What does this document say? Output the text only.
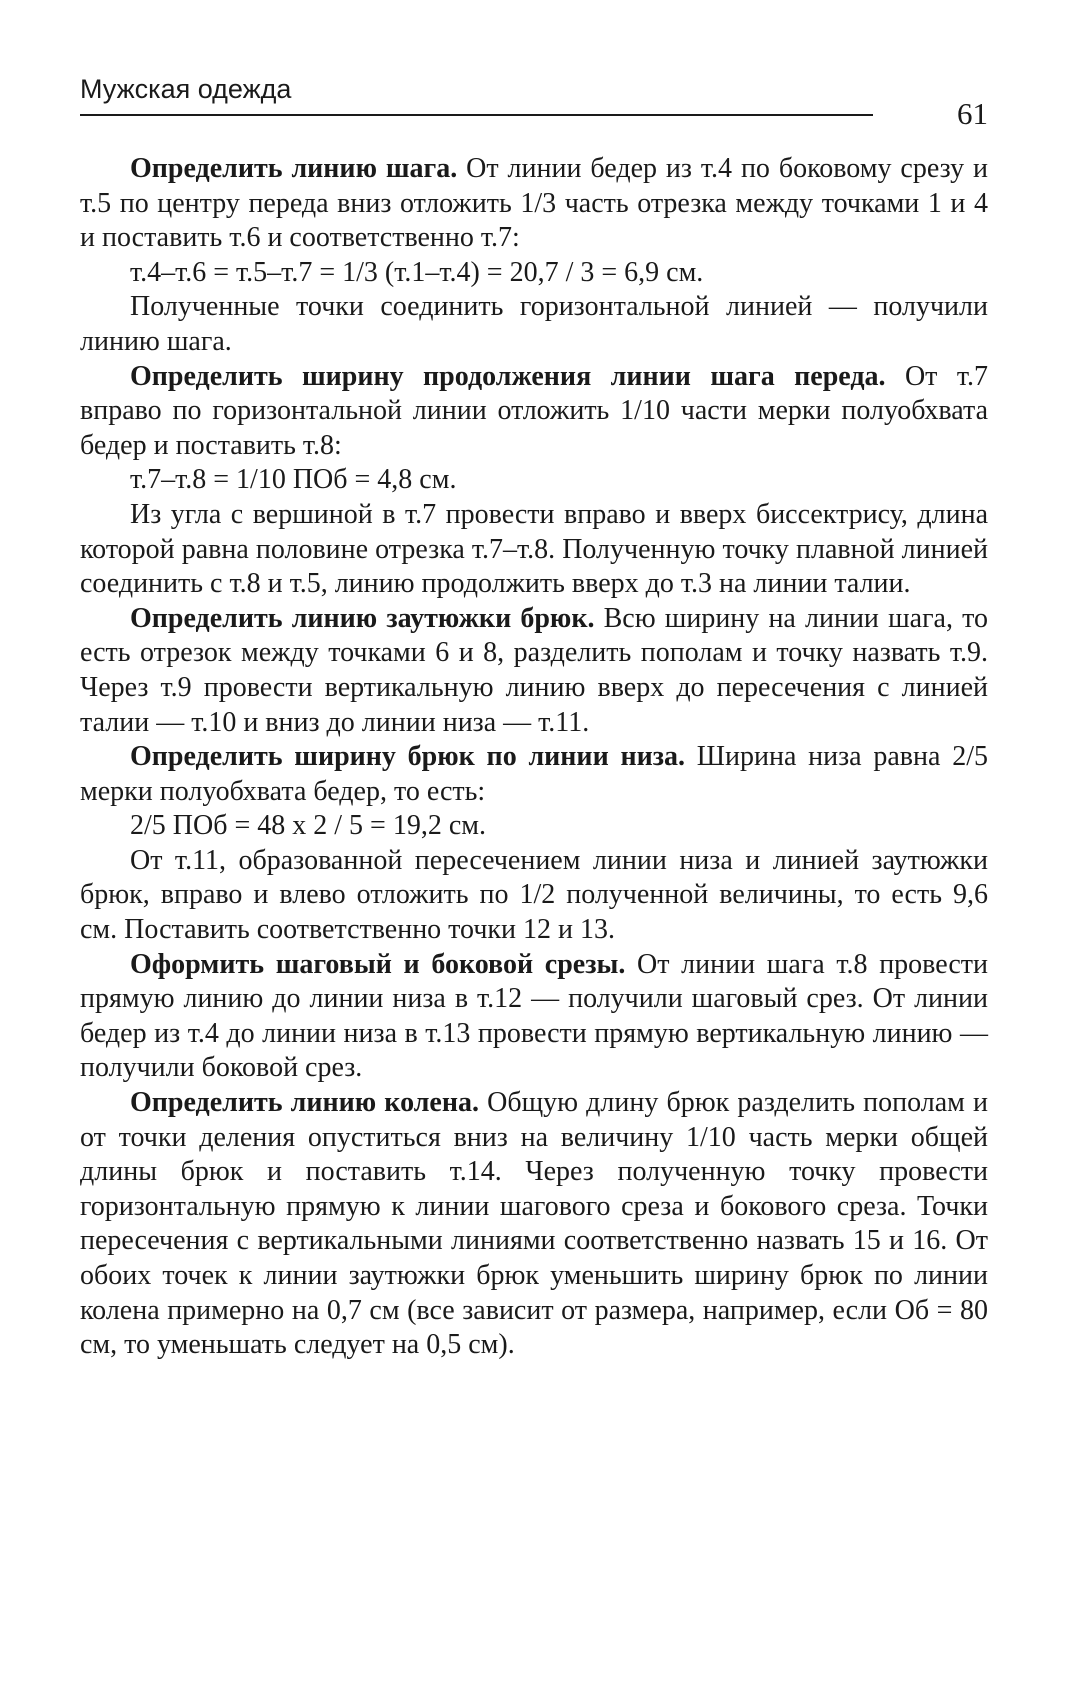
Мужская одежда
61

Определить линию шага. От линии бедер из т.4 по боковому срезу и т.5 по центру переда вниз отложить 1/3 часть отрезка между точками 1 и 4 и поставить т.6 и соответственно т.7:

т.4–т.6 = т.5–т.7 = 1/3 (т.1–т.4) = 20,7 / 3 = 6,9 см.

Полученные точки соединить горизонтальной линией — получили линию шага.

Определить ширину продолжения линии шага переда. От т.7 вправо по горизонтальной линии отложить 1/10 части мерки полуобхвата бедер и поставить т.8:

т.7–т.8 = 1/10 ПОб = 4,8 см.

Из угла с вершиной в т.7 провести вправо и вверх биссектрису, длина которой равна половине отрезка т.7–т.8. Полученную точку плавной линией соединить с т.8 и т.5, линию продолжить вверх до т.3 на линии талии.

Определить линию заутюжки брюк. Всю ширину на линии шага, то есть отрезок между точками 6 и 8, разделить пополам и точку назвать т.9. Через т.9 провести вертикальную линию вверх до пересечения с линией талии — т.10 и вниз до линии низа — т.11.

Определить ширину брюк по линии низа. Ширина низа равна 2/5 мерки полуобхвата бедер, то есть:

2/5 ПОб = 48 x 2 / 5 = 19,2 см.

От т.11, образованной пересечением линии низа и линией заутюжки брюк, вправо и влево отложить по 1/2 полученной величины, то есть 9,6 см. Поставить соответственно точки 12 и 13.

Оформить шаговый и боковой срезы. От линии шага т.8 провести прямую линию до линии низа в т.12 — получили шаговый срез. От линии бедер из т.4 до линии низа в т.13 провести прямую вертикальную линию — получили боковой срез.

Определить линию колена. Общую длину брюк разделить пополам и от точки деления опуститься вниз на величину 1/10 часть мерки общей длины брюк и поставить т.14. Через полученную точку провести горизонтальную прямую к линии шагового среза и бокового среза. Точки пересечения с вертикальными линиями соответственно назвать 15 и 16. От обоих точек к линии заутюжки брюк уменьшить ширину брюк по линии колена примерно на 0,7 см (все зависит от размера, например, если Об = 80 см, то уменьшать следует на 0,5 см).
